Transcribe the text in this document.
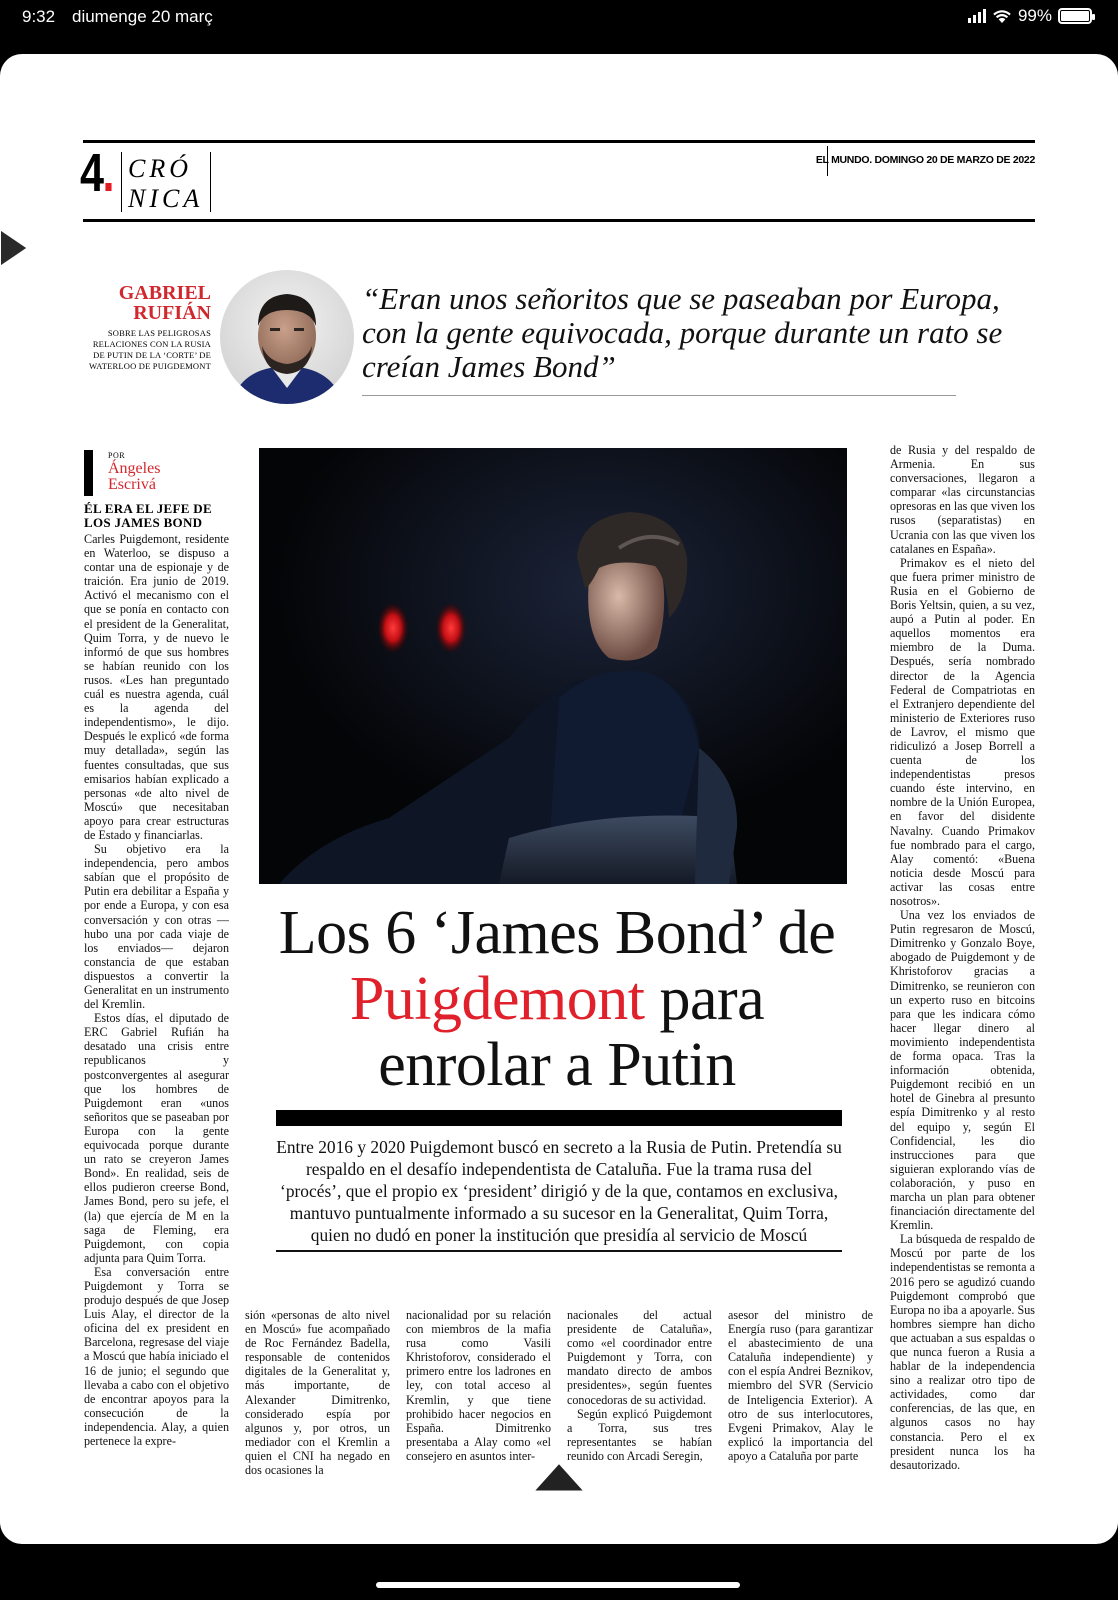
9:32 diumenge 20 març	99%
4. CRÓ
NICA
EL MUNDO. DOMINGO 20 DE MARZO DE 2022
GABRIEL
RUFIÁN
SOBRE LAS PELIGROSAS RELACIONES CON LA RUSIA DE PUTIN DE LA ‘CORTE’ DE WATERLOO DE PUIGDEMONT
“Eran unos señoritos que se paseaban por Europa, con la gente equivocada, porque durante un rato se creían James Bond”
POR
Ángeles
Escrivá
ÉL ERA EL JEFE DE LOS JAMES BOND

Carles Puigdemont, residente en Waterloo, se dispuso a contar una de espionaje y de traición. Era junio de 2019. Activó el mecanismo con el que se ponía en contacto con el president de la Generalitat, Quim Torra, y de nuevo le informó de que sus hombres se habían reunido con los rusos. «Les han preguntado cuál es nuestra agenda, cuál es la agenda del independentismo», le dijo. Después le explicó «de forma muy detallada», según las fuentes consultadas, que sus emisarios habían explicado a personas «de alto nivel de Moscú» que necesitaban apoyo para crear estructuras de Estado y financiarlas.

Su objetivo era la independencia, pero ambos sabían que el propósito de Putin era debilitar a España y por ende a Europa, y con esa conversación y con otras —hubo una por cada viaje de los enviados— dejaron constancia de que estaban dispuestos a convertir la Generalitat en un instrumento del Kremlin.

Estos días, el diputado de ERC Gabriel Rufián ha desatado una crisis entre republicanos y postconvergentes al asegurar que los hombres de Puigdemont eran «unos señoritos que se paseaban por Europa con la gente equivocada porque durante un rato se creyeron James Bond». En realidad, seis de ellos pudieron creerse Bond, James Bond, pero su jefe, el (la) que ejercía de M en la saga de Fleming, era Puigdemont, con copia adjunta para Quim Torra.

Esa conversación entre Puigdemont y Torra se produjo después de que Josep Luis Alay, el director de la oficina del ex president en Barcelona, regresase del viaje a Moscú que había iniciado el 16 de junio; el segundo que llevaba a cabo con el objetivo de encontrar apoyos para la consecución de la independencia. Alay, a quien pertenece la expre-

Los 6 ‘James Bond’ de Puigdemont para enrolar a Putin
Entre 2016 y 2020 Puigdemont buscó en secreto a la Rusia de Putin. Pretendía su respaldo en el desafío independentista de Cataluña. Fue la trama rusa del ‘procés’, que el propio ex ‘president’ dirigió y de la que, contamos en exclusiva, mantuvo puntualmente informado a su sucesor en la Generalitat, Quim Torra, quien no dudó en poner la institución que presidía al servicio de Moscú

sión «personas de alto nivel en Moscú» fue acompañado de Roc Fernández Badella, responsable de contenidos digitales de la Generalitat y, más importante, de Alexander Dimitrenko, considerado espía por algunos y, por otros, un mediador con el Kremlin a quien el CNI ha negado en dos ocasiones la

nacionalidad por su relación con miembros de la mafia rusa como Vasili Khristoforov, considerado el primero entre los ladrones en ley, con total acceso al Kremlin, y que tiene prohibido hacer negocios en España. Dimitrenko presentaba a Alay como «el consejero en asuntos inter-

nacionales del actual presidente de Cataluña», como «el coordinador entre Puigdemont y Torra, con mandato directo de ambos presidentes», según fuentes conocedoras de su actividad.

Según explicó Puigdemont a Torra, sus tres representantes se habían reunido con Arcadi Seregin,

asesor del ministro de Energía ruso (para garantizar el abastecimiento de una Cataluña independiente) y con el espía Andrei Beznikov, miembro del SVR (Servicio de Inteligencia Exterior). A otro de sus interlocutores, Evgeni Primakov, Alay le explicó la importancia del apoyo a Cataluña por parte

de Rusia y del respaldo de Armenia. En sus conversaciones, llegaron a comparar «las circunstancias opresoras en las que viven los rusos (separatistas) en Ucrania con las que viven los catalanes en España».

Primakov es el nieto del que fuera primer ministro de Rusia en el Gobierno de Boris Yeltsin, quien, a su vez, aupó a Putin al poder. En aquellos momentos era miembro de la Duma. Después, sería nombrado director de la Agencia Federal de Compatriotas en el Extranjero dependiente del ministerio de Exteriores ruso de Lavrov, el mismo que ridiculizó a Josep Borrell a cuenta de los independentistas presos cuando éste intervino, en nombre de la Unión Europea, en favor del disidente Navalny. Cuando Primakov fue nombrado para el cargo, Alay comentó: «Buena noticia desde Moscú para activar las cosas entre nosotros».

Una vez los enviados de Putin regresaron de Moscú, Dimitrenko y Gonzalo Boye, abogado de Puigdemont y de Khristoforov gracias a Dimitrenko, se reunieron con un experto ruso en bitcoins para que les indicara cómo hacer llegar dinero al movimiento independentista de forma opaca. Tras la información obtenida, Puigdemont recibió en un hotel de Ginebra al presunto espía Dimitrenko y al resto del equipo y, según El Confidencial, les dio instrucciones para que siguieran explorando vías de colaboración, y puso en marcha un plan para obtener financiación directamente del Kremlin.

La búsqueda de respaldo de Moscú por parte de los independentistas se remonta a 2016 pero se agudizó cuando Puigdemont comprobó que Europa no iba a apoyarle. Sus hombres siempre han dicho que actuaban a sus espaldas o que nunca fueron a Rusia a hablar de la independencia sino a realizar otro tipo de actividades, como dar conferencias, de las que, en algunos casos no hay constancia. Pero el ex president nunca los ha desautorizado.
